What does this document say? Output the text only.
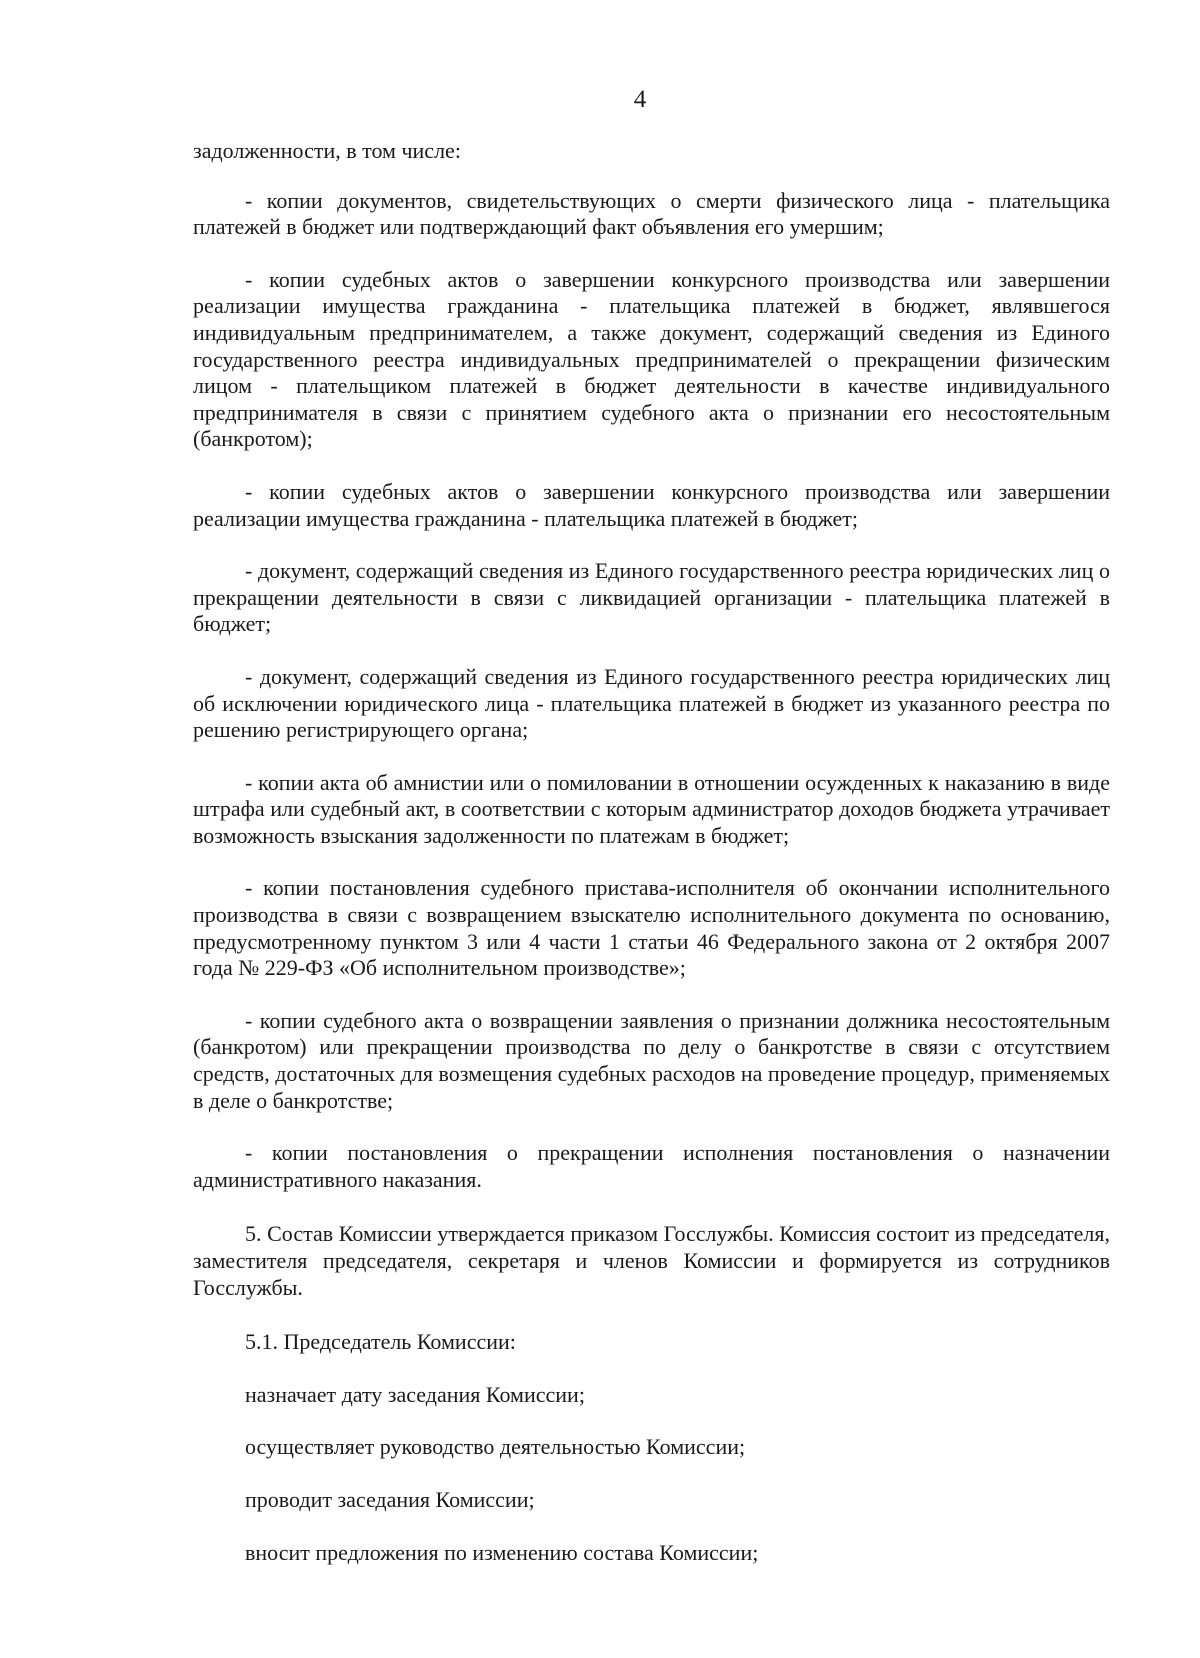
4

задолженности, в том числе:

- копии документов, свидетельствующих о смерти физического лица - плательщика платежей в бюджет или подтверждающий факт объявления его умершим;

- копии судебных актов о завершении конкурсного производства или завершении реализации имущества гражданина - плательщика платежей в бюджет, являвшегося индивидуальным предпринимателем, а также документ, содержащий сведения из Единого государственного реестра индивидуальных предпринимателей о прекращении физическим лицом - плательщиком платежей в бюджет деятельности в качестве индивидуального предпринимателя в связи с принятием судебного акта о признании его несостоятельным (банкротом);

- копии судебных актов о завершении конкурсного производства или завершении реализации имущества гражданина - плательщика платежей в бюджет;

- документ, содержащий сведения из Единого государственного реестра юридических лиц о прекращении деятельности в связи с ликвидацией организации - плательщика платежей в бюджет;

- документ, содержащий сведения из Единого государственного реестра юридических лиц об исключении юридического лица - плательщика платежей в бюджет из указанного реестра по решению регистрирующего органа;

- копии акта об амнистии или о помиловании в отношении осужденных к наказанию в виде штрафа или судебный акт, в соответствии с которым администратор доходов бюджета утрачивает возможность взыскания задолженности по платежам в бюджет;

- копии постановления судебного пристава-исполнителя об окончании исполнительного производства в связи с возвращением взыскателю исполнительного документа по основанию, предусмотренному пунктом 3 или 4 части 1 статьи 46 Федерального закона от 2 октября 2007 года № 229-ФЗ «Об исполнительном производстве»;

- копии судебного акта о возвращении заявления о признании должника несостоятельным (банкротом) или прекращении производства по делу о банкротстве в связи с отсутствием средств, достаточных для возмещения судебных расходов на проведение процедур, применяемых в деле о банкротстве;

- копии постановления о прекращении исполнения постановления о назначении административного наказания.

5. Состав Комиссии утверждается приказом Госслужбы. Комиссия состоит из председателя, заместителя председателя, секретаря и членов Комиссии и формируется из сотрудников Госслужбы.

5.1. Председатель Комиссии:

назначает дату заседания Комиссии;

осуществляет руководство деятельностью Комиссии;

проводит заседания Комиссии;

вносит предложения по изменению состава Комиссии;
